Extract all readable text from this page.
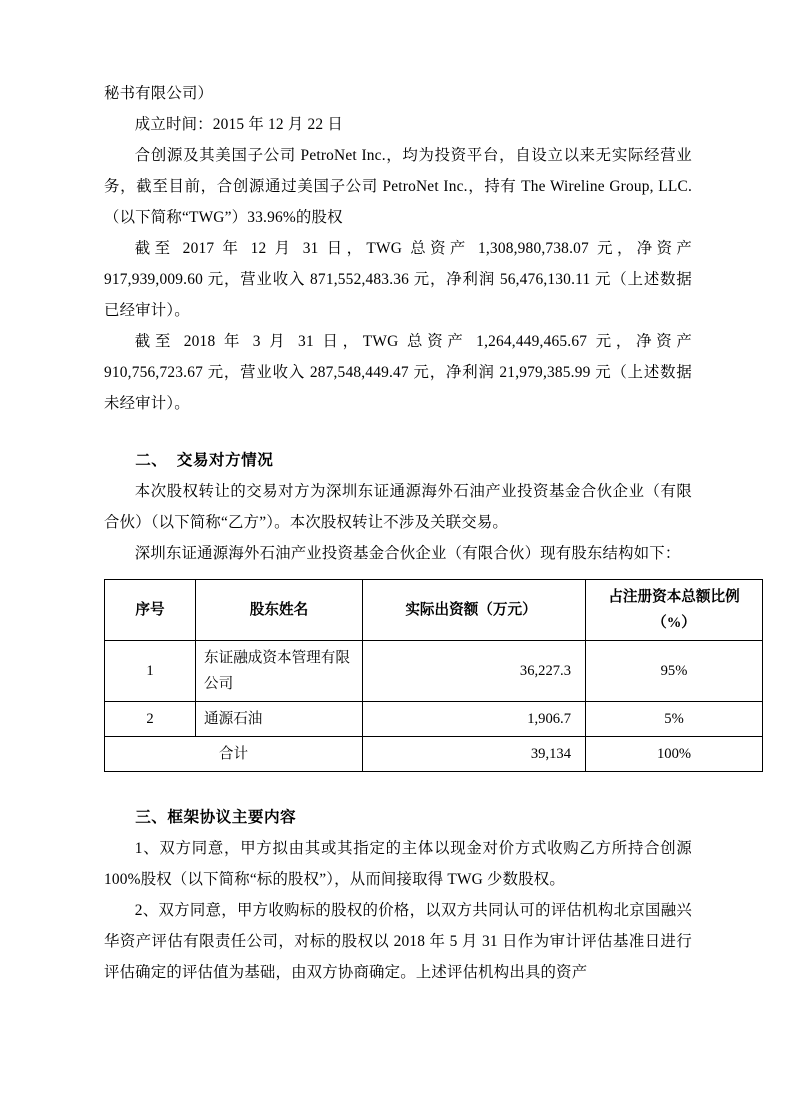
秘书有限公司）

成立时间：2015 年 12 月 22 日

合创源及其美国子公司 PetroNet Inc.，均为投资平台，自设立以来无实际经营业务，截至目前，合创源通过美国子公司 PetroNet Inc.，持有 The Wireline Group, LLC. （以下简称“TWG”）33.96%的股权

截至 2017 年 12 月 31 日，TWG 总资产 1,308,980,738.07 元，净资产 917,939,009.60 元，营业收入 871,552,483.36 元，净利润 56,476,130.11 元（上述数据已经审计）。

截至 2018 年 3 月 31 日，TWG 总资产 1,264,449,465.67 元，净资产 910,756,723.67 元，营业收入 287,548,449.47 元，净利润 21,979,385.99 元（上述数据未经审计）。

二、 交易对方情况

本次股权转让的交易对方为深圳东证通源海外石油产业投资基金合伙企业（有限合伙）（以下简称“乙方”）。本次股权转让不涉及关联交易。

深圳东证通源海外石油产业投资基金合伙企业（有限合伙）现有股东结构如下：

序号	股东姓名	实际出资额（万元）	占注册资本总额比例（%）
1	东证融成资本管理有限公司	36,227.3	95%
2	通源石油	1,906.7	5%
合计		39,134	100%
三、框架协议主要内容

1、双方同意，甲方拟由其或其指定的主体以现金对价方式收购乙方所持合创源 100%股权（以下简称“标的股权”），从而间接取得 TWG 少数股权。

2、双方同意，甲方收购标的股权的价格，以双方共同认可的评估机构北京国融兴华资产评估有限责任公司，对标的股权以 2018 年 5 月 31 日作为审计评估基准日进行评估确定的评估值为基础，由双方协商确定。上述评估机构出具的资产
